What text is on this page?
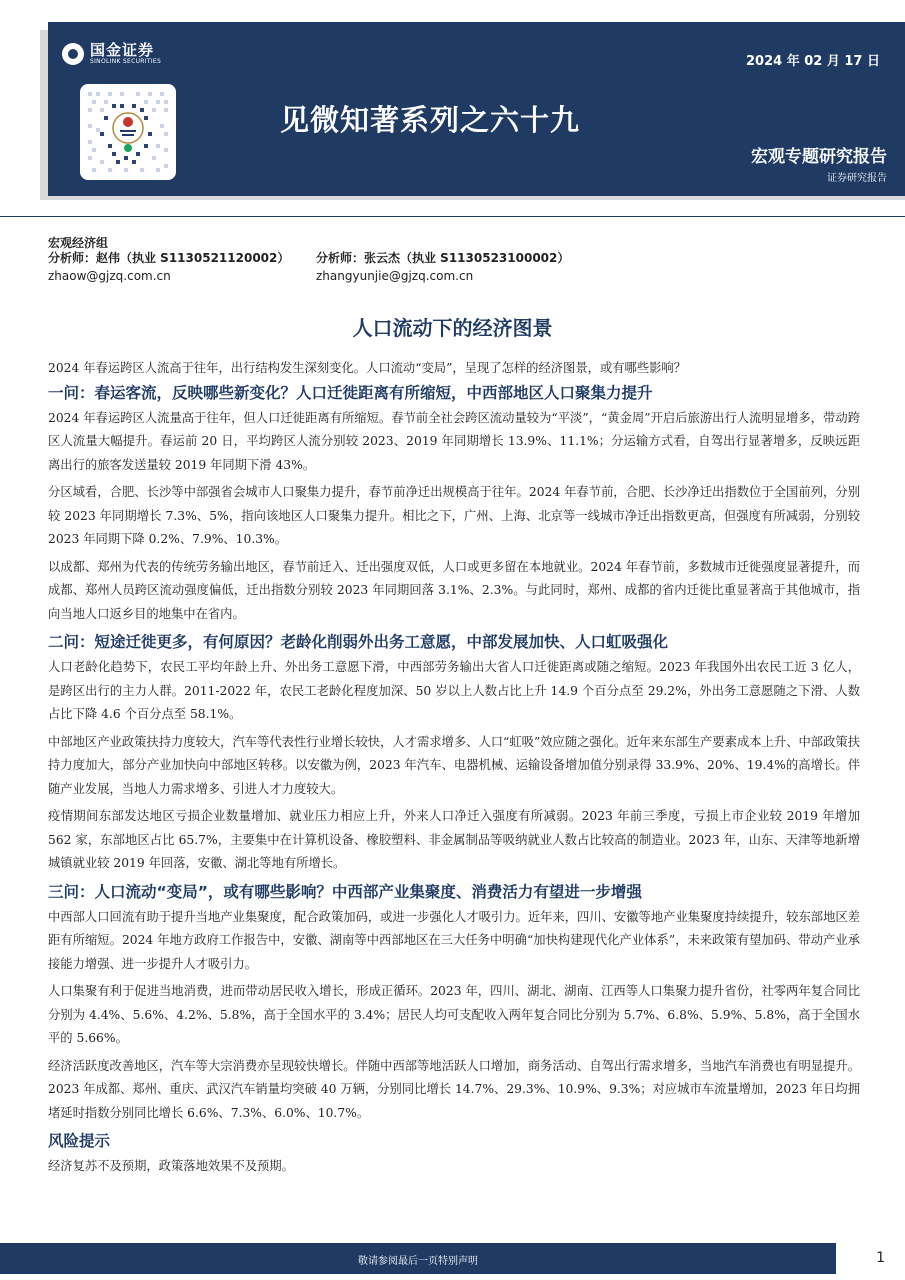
国金证券
SINOLINK SECURITIES	2024 年 02 月 17 日
见微知著系列之六十九
宏观专题研究报告
证券研究报告
宏观经济组
分析师：赵伟（执业 S1130521120002）
zhaow@gjzq.com.cn
分析师：张云杰（执业 S1130523100002）
zhangyunjie@gjzq.com.cn
人口流动下的经济图景

2024 年春运跨区人流高于往年，出行结构发生深刻变化。人口流动“变局”，呈现了怎样的经济图景，或有哪些影响？

一问：春运客流，反映哪些新变化？人口迁徙距离有所缩短，中西部地区人口聚集力提升

2024 年春运跨区人流量高于往年，但人口迁徙距离有所缩短。春节前全社会跨区流动量较为“平淡”，“黄金周”开启后旅游出行人流明显增多，带动跨区人流量大幅提升。春运前 20 日，平均跨区人流分别较 2023、2019 年同期增长 13.9%、11.1%；分运输方式看，自驾出行显著增多，反映远距离出行的旅客发送量较 2019 年同期下滑 43%。

分区域看，合肥、长沙等中部强省会城市人口聚集力提升，春节前净迁出规模高于往年。2024 年春节前，合肥、长沙净迁出指数位于全国前列，分别较 2023 年同期增长 7.3%、5%，指向该地区人口聚集力提升。相比之下，广州、上海、北京等一线城市净迁出指数更高，但强度有所减弱，分别较 2023 年同期下降 0.2%、7.9%、10.3%。

以成都、郑州为代表的传统劳务输出地区，春节前迁入、迁出强度双低，人口或更多留在本地就业。2024 年春节前，多数城市迁徙强度显著提升，而成都、郑州人员跨区流动强度偏低，迁出指数分别较 2023 年同期回落 3.1%、2.3%。与此同时，郑州、成都的省内迁徙比重显著高于其他城市，指向当地人口返乡目的地集中在省内。

二问：短途迁徙更多，有何原因？老龄化削弱外出务工意愿，中部发展加快、人口虹吸强化

人口老龄化趋势下，农民工平均年龄上升、外出务工意愿下滑，中西部劳务输出大省人口迁徙距离或随之缩短。2023 年我国外出农民工近 3 亿人，是跨区出行的主力人群。2011-2022 年，农民工老龄化程度加深、50 岁以上人数占比上升 14.9 个百分点至 29.2%，外出务工意愿随之下滑、人数占比下降 4.6 个百分点至 58.1%。

中部地区产业政策扶持力度较大，汽车等代表性行业增长较快，人才需求增多、人口“虹吸”效应随之强化。近年来东部生产要素成本上升、中部政策扶持力度加大，部分产业加快向中部地区转移。以安徽为例，2023 年汽车、电器机械、运输设备增加值分别录得 33.9%、20%、19.4%的高增长。伴随产业发展，当地人力需求增多、引进人才力度较大。

疫情期间东部发达地区亏损企业数量增加、就业压力相应上升，外来人口净迁入强度有所减弱。2023 年前三季度，亏损上市企业较 2019 年增加 562 家，东部地区占比 65.7%，主要集中在计算机设备、橡胶塑料、非金属制品等吸纳就业人数占比较高的制造业。2023 年，山东、天津等地新增城镇就业较 2019 年回落，安徽、湖北等地有所增长。

三问：人口流动“变局”，或有哪些影响？中西部产业集聚度、消费活力有望进一步增强

中西部人口回流有助于提升当地产业集聚度，配合政策加码，或进一步强化人才吸引力。近年来，四川、安徽等地产业集聚度持续提升，较东部地区差距有所缩短。2024 年地方政府工作报告中，安徽、湖南等中西部地区在三大任务中明确“加快构建现代化产业体系”，未来政策有望加码、带动产业承接能力增强、进一步提升人才吸引力。

人口集聚有利于促进当地消费，进而带动居民收入增长，形成正循环。2023 年，四川、湖北、湖南、江西等人口集聚力提升省份，社零两年复合同比分别为 4.4%、5.6%、4.2%、5.8%，高于全国水平的 3.4%；居民人均可支配收入两年复合同比分别为 5.7%、6.8%、5.9%、5.8%，高于全国水平的 5.66%。

经济活跃度改善地区，汽车等大宗消费亦呈现较快增长。伴随中西部等地活跃人口增加，商务活动、自驾出行需求增多，当地汽车消费也有明显提升。2023 年成都、郑州、重庆、武汉汽车销量均突破 40 万辆，分别同比增长 14.7%、29.3%、10.9%、9.3%；对应城市车流量增加，2023 年日均拥堵延时指数分别同比增长 6.6%、7.3%、6.0%、10.7%。

风险提示

经济复苏不及预期，政策落地效果不及预期。

敬请参阅最后一页特别声明	1
